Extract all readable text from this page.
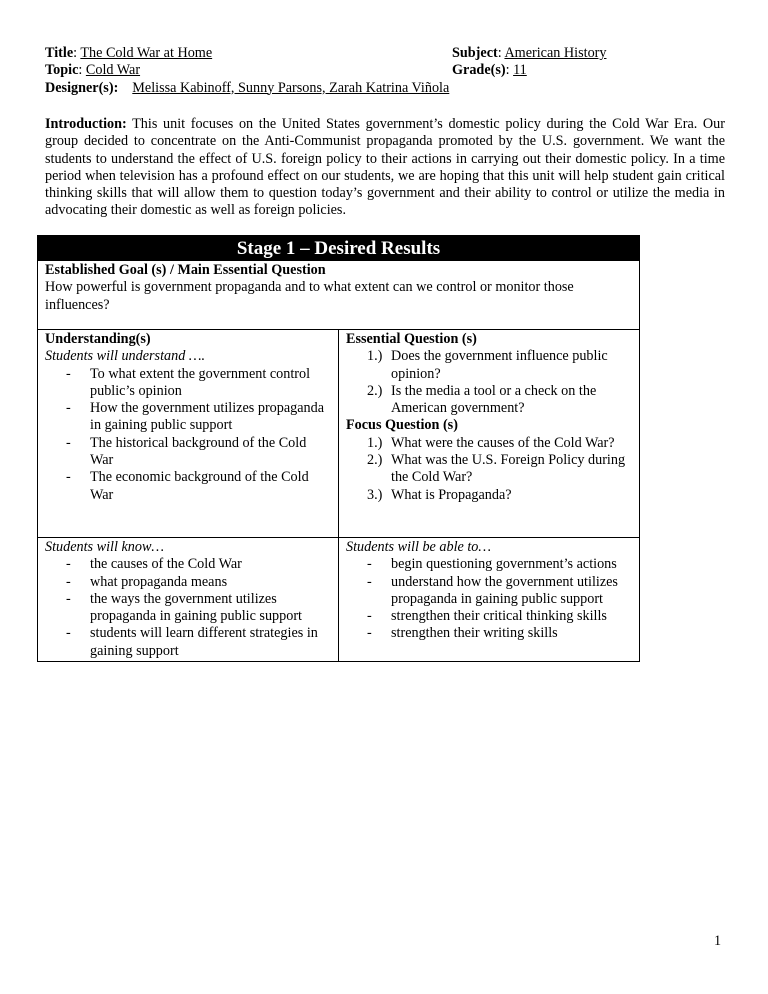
Title: The Cold War at Home	Subject: American History
Topic: Cold War	Grade(s): 11
Designer(s): Melissa Kabinoff, Sunny Parsons, Zarah Katrina Viñola
Introduction: This unit focuses on the United States government’s domestic policy during the Cold War Era. Our group decided to concentrate on the Anti-Communist propaganda promoted by the U.S. government. We want the students to understand the effect of U.S. foreign policy to their actions in carrying out their domestic policy. In a time period when television has a profound effect on our students, we are hoping that this unit will help student gain critical thinking skills that will allow them to question today’s government and their ability to control or utilize the media in advocating their domestic as well as foreign policies.
Stage 1 – Desired Results
Established Goal (s) / Main Essential Question
How powerful is government propaganda and to what extent can we control or monitor those influences?
Understanding(s)
Students will understand ….
- To what extent the government control public’s opinion
- How the government utilizes propaganda in gaining public support
- The historical background of the Cold War
- The economic background of the Cold War
Essential Question (s)
1.) Does the government influence public opinion?
2.) Is the media a tool or a check on the American government?
Focus Question (s)
1.) What were the causes of the Cold War?
2.) What was the U.S. Foreign Policy during the Cold War?
3.) What is Propaganda?
Students will know…
- the causes of the Cold War
- what propaganda means
- the ways the government utilizes propaganda in gaining public support
- students will learn different strategies in gaining support
Students will be able to…
- begin questioning government’s actions
- understand how the government utilizes propaganda in gaining public support
- strengthen their critical thinking skills
- strengthen their writing skills
1
